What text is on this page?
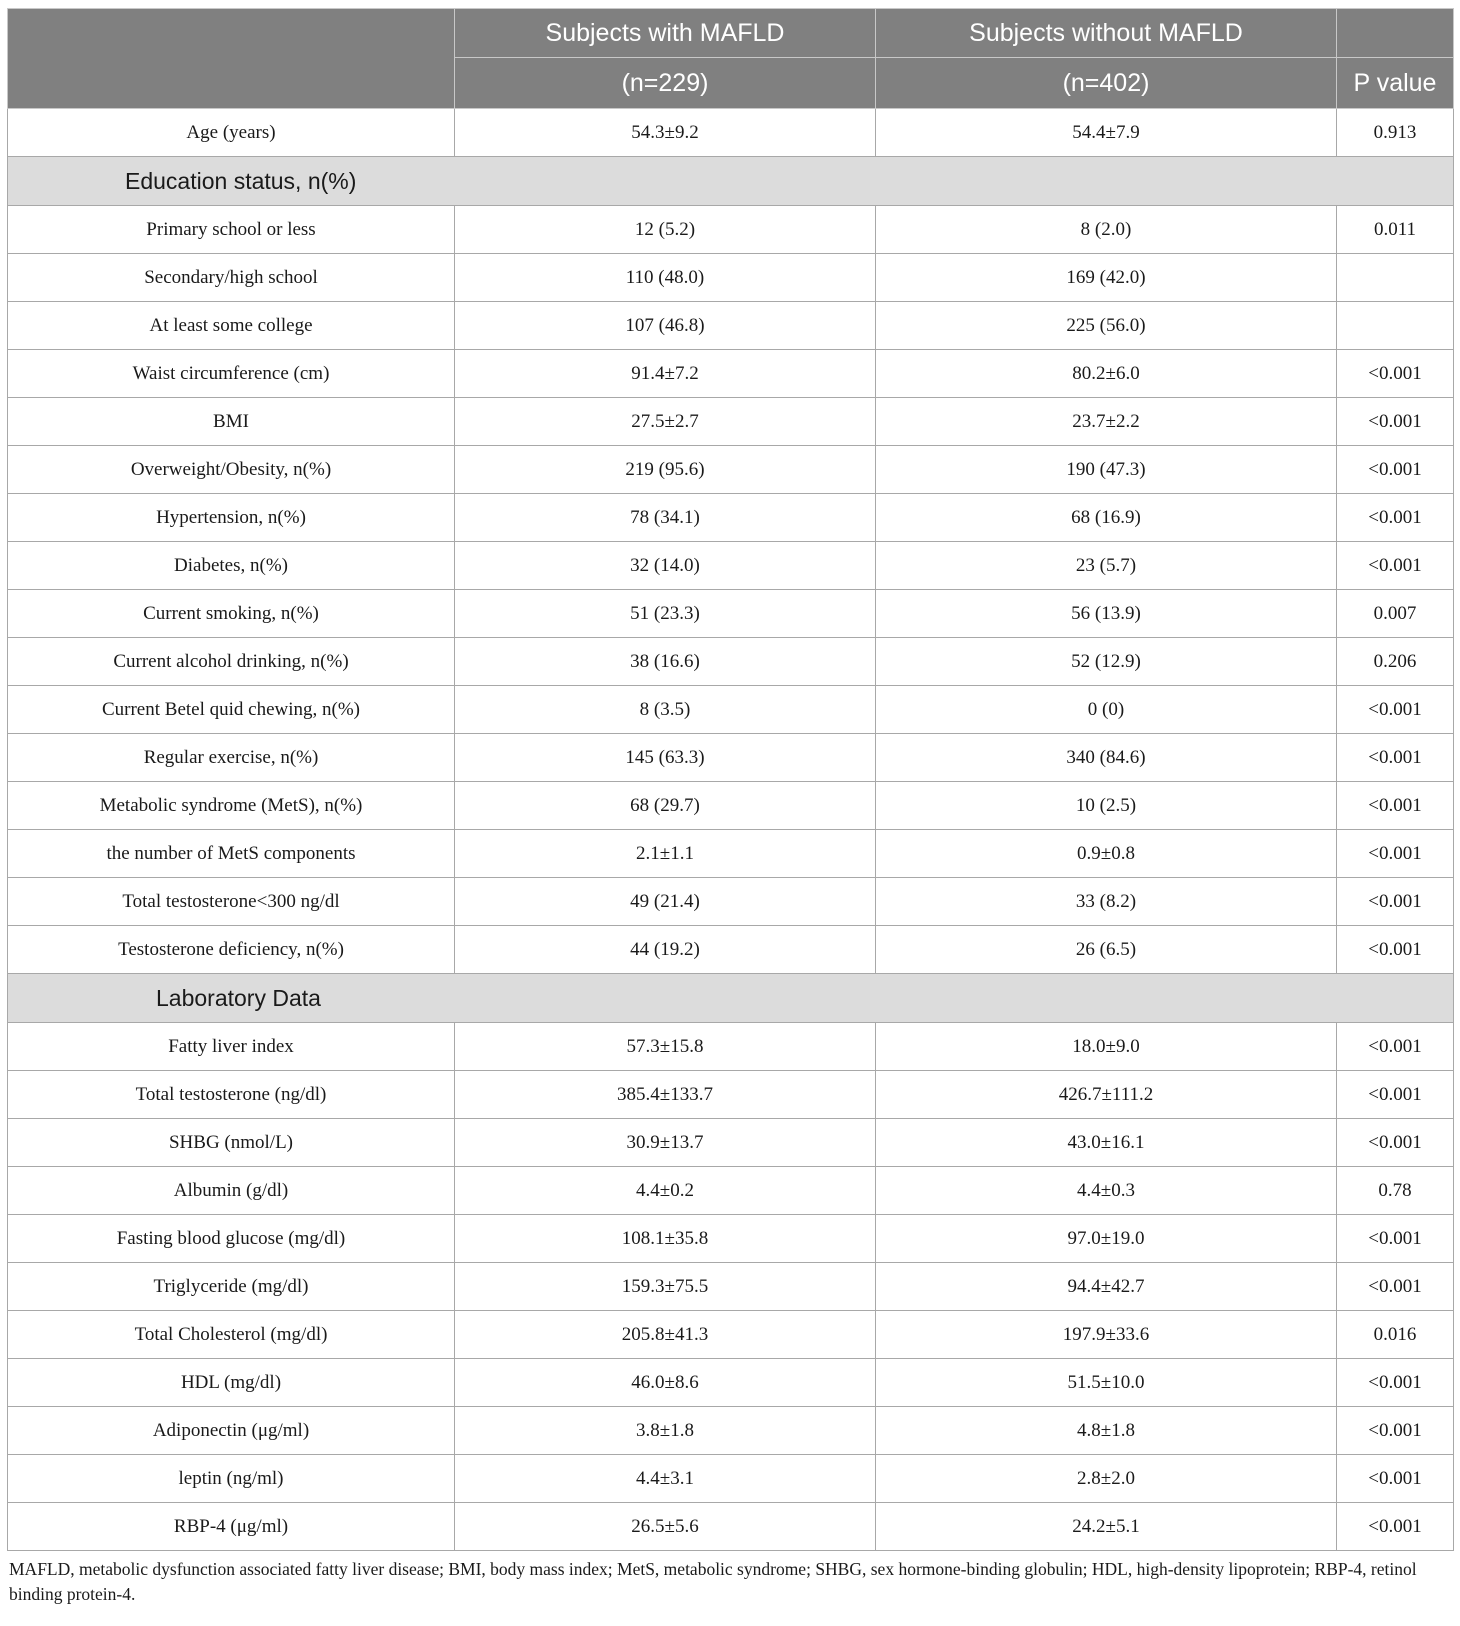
	Subjects with MAFLD	Subjects without MAFLD	
	(n=229)	(n=402)	P value
Age (years)	54.3±9.2	54.4±7.9	0.913
Education status, n(%)			
Primary school or less	12 (5.2)	8 (2.0)	0.011
Secondary/high school	110 (48.0)	169 (42.0)	
At least some college	107 (46.8)	225 (56.0)	
Waist circumference (cm)	91.4±7.2	80.2±6.0	<0.001
BMI	27.5±2.7	23.7±2.2	<0.001
Overweight/Obesity, n(%)	219 (95.6)	190 (47.3)	<0.001
Hypertension, n(%)	78 (34.1)	68 (16.9)	<0.001
Diabetes, n(%)	32 (14.0)	23 (5.7)	<0.001
Current smoking, n(%)	51 (23.3)	56 (13.9)	0.007
Current alcohol drinking, n(%)	38 (16.6)	52 (12.9)	0.206
Current Betel quid chewing, n(%)	8 (3.5)	0 (0)	<0.001
Regular exercise, n(%)	145 (63.3)	340 (84.6)	<0.001
Metabolic syndrome (MetS), n(%)	68 (29.7)	10 (2.5)	<0.001
the number of MetS components	2.1±1.1	0.9±0.8	<0.001
Total testosterone<300 ng/dl	49 (21.4)	33 (8.2)	<0.001
Testosterone deficiency, n(%)	44 (19.2)	26 (6.5)	<0.001
Laboratory Data			
Fatty liver index	57.3±15.8	18.0±9.0	<0.001
Total testosterone (ng/dl)	385.4±133.7	426.7±111.2	<0.001
SHBG (nmol/L)	30.9±13.7	43.0±16.1	<0.001
Albumin (g/dl)	4.4±0.2	4.4±0.3	0.78
Fasting blood glucose (mg/dl)	108.1±35.8	97.0±19.0	<0.001
Triglyceride (mg/dl)	159.3±75.5	94.4±42.7	<0.001
Total Cholesterol (mg/dl)	205.8±41.3	197.9±33.6	0.016
HDL (mg/dl)	46.0±8.6	51.5±10.0	<0.001
Adiponectin (μg/ml)	3.8±1.8	4.8±1.8	<0.001
leptin (ng/ml)	4.4±3.1	2.8±2.0	<0.001
RBP-4 (μg/ml)	26.5±5.6	24.2±5.1	<0.001
MAFLD, metabolic dysfunction associated fatty liver disease; BMI, body mass index; MetS, metabolic syndrome; SHBG, sex hormone-binding globulin; HDL, high-density lipoprotein; RBP-4, retinol binding protein-4.
